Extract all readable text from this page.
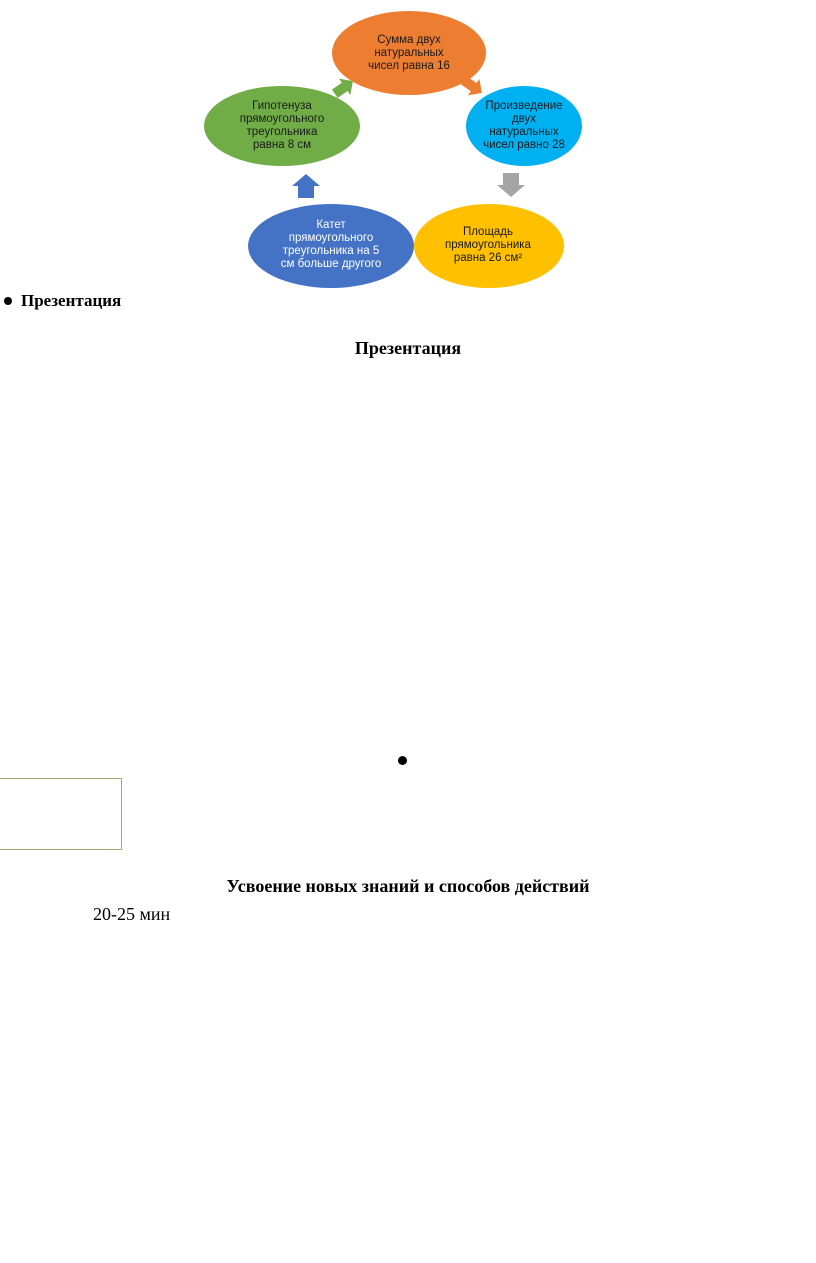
Сумма двух
натуральных
чисел равна 16
Произведение
двух
натуральных
чисел равно 28
Площадь
прямоугольника
равна 26 см²
Катет
прямоугольного
треугольника на 5
см больше другого
Гипотенуза
прямоугольного
треугольника
равна 8 см
Презентация
Презентация
Усвоение новых знаний и способов действий
20-25 мин
